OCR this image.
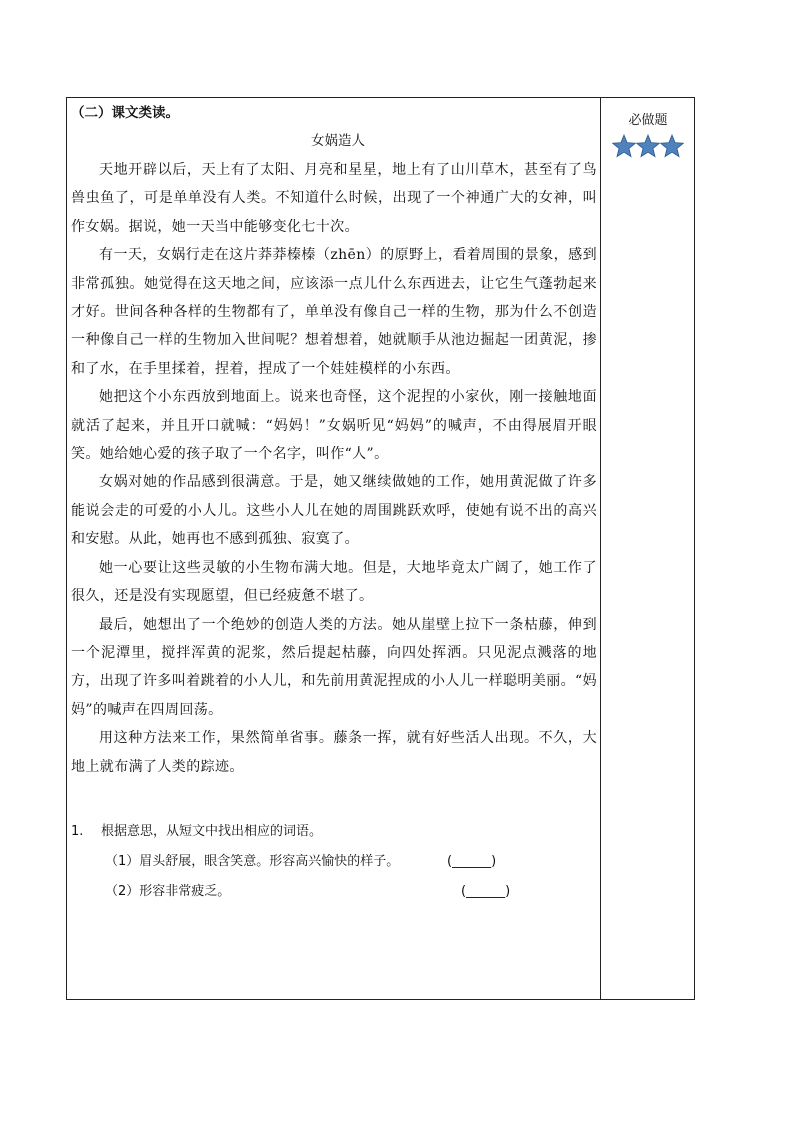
（二）课文类读。
女娲造人

天地开辟以后，天上有了太阳、月亮和星星，地上有了山川草木，甚至有了鸟兽虫鱼了，可是单单没有人类。不知道什么时候，出现了一个神通广大的女神，叫作女娲。据说，她一天当中能够变化七十次。

有一天，女娲行走在这片莽莽榛榛（zhēn）的原野上，看着周围的景象，感到非常孤独。她觉得在这天地之间，应该添一点儿什么东西进去，让它生气蓬勃起来才好。世间各种各样的生物都有了，单单没有像自己一样的生物，那为什么不创造一种像自己一样的生物加入世间呢？想着想着，她就顺手从池边掘起一团黄泥，掺和了水，在手里揉着，捏着，捏成了一个娃娃模样的小东西。

她把这个小东西放到地面上。说来也奇怪，这个泥捏的小家伙，刚一接触地面就活了起来，并且开口就喊：“妈妈！”女娲听见“妈妈”的喊声，不由得展眉开眼笑。她给她心爱的孩子取了一个名字，叫作“人”。

女娲对她的作品感到很满意。于是，她又继续做她的工作，她用黄泥做了许多能说会走的可爱的小人儿。这些小人儿在她的周围跳跃欢呼，使她有说不出的高兴和安慰。从此，她再也不感到孤独、寂寞了。

她一心要让这些灵敏的小生物布满大地。但是，大地毕竟太广阔了，她工作了很久，还是没有实现愿望，但已经疲惫不堪了。

最后，她想出了一个绝妙的创造人类的方法。她从崖壁上拉下一条枯藤，伸到一个泥潭里，搅拌浑黄的泥浆，然后提起枯藤，向四处挥洒。只见泥点溅落的地方，出现了许多叫着跳着的小人儿，和先前用黄泥捏成的小人儿一样聪明美丽。“妈妈”的喊声在四周回荡。

用这种方法来工作，果然简单省事。藤条一挥，就有好些活人出现。不久，大地上就布满了人类的踪迹。

1. 根据意思，从短文中找出相应的词语。
（1）眉头舒展，眼含笑意。形容高兴愉快的样子。	(______)
（2）形容非常疲乏。	(______)
必做题
